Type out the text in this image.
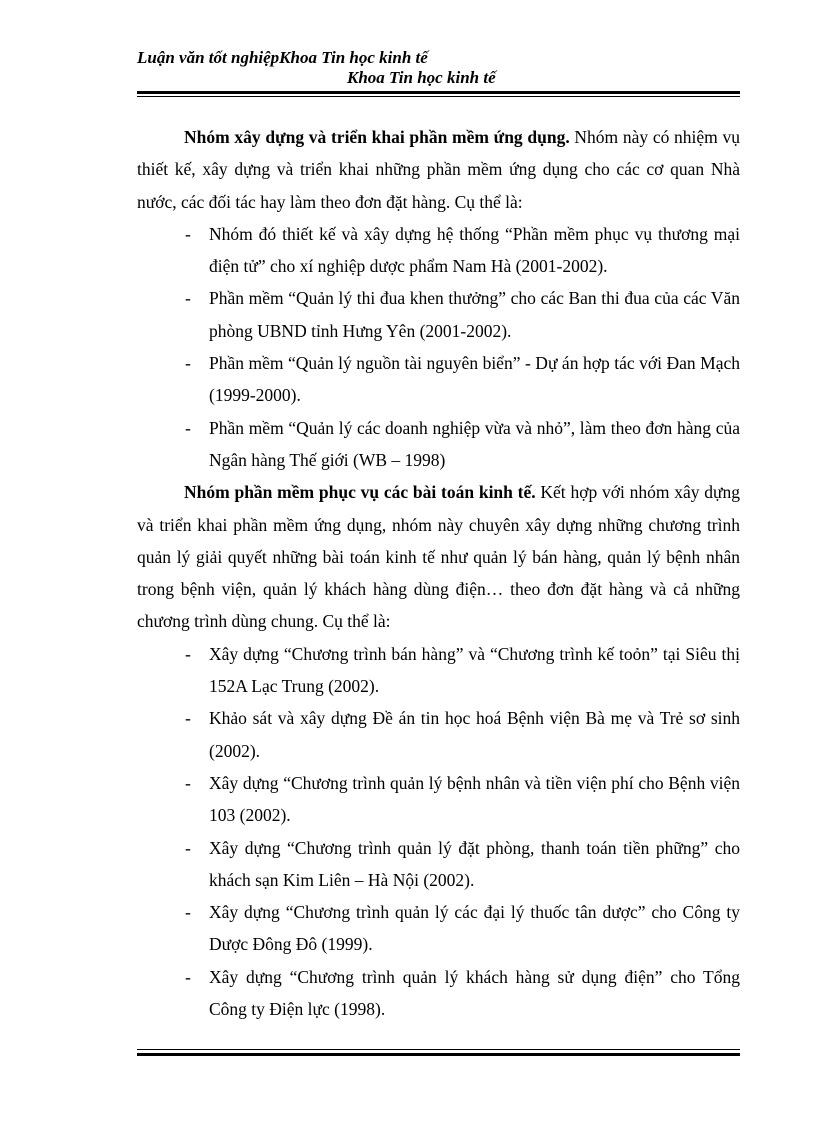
Luận văn tốt nghiệpKhoa Tin học kinh tế
Khoa Tin học kinh tế

Nhóm xây dựng và triển khai phần mềm ứng dụng. Nhóm này có nhiệm vụ thiết kế, xây dựng và triển khai những phần mềm ứng dụng cho các cơ quan Nhà nước, các đối tác hay làm theo đơn đặt hàng. Cụ thể là:

- Nhóm đó thiết kế và xây dựng hệ thống “Phần mềm phục vụ thương mại điện tử” cho xí nghiệp dược phẩm Nam Hà (2001-2002).
- Phần mềm “Quản lý thi đua khen thưởng” cho các Ban thi đua của các Văn phòng UBND tỉnh Hưng Yên (2001-2002).
- Phần mềm “Quản lý nguồn tài nguyên biển” - Dự án hợp tác với Đan Mạch (1999-2000).
- Phần mềm “Quản lý các doanh nghiệp vừa và nhỏ”, làm theo đơn hàng của Ngân hàng Thế giới (WB – 1998)

Nhóm phần mềm phục vụ các bài toán kinh tế. Kết hợp với nhóm xây dựng và triển khai phần mềm ứng dụng, nhóm này chuyên xây dựng những chương trình quản lý giải quyết những bài toán kinh tế như quản lý bán hàng, quản lý bệnh nhân trong bệnh viện, quản lý khách hàng dùng điện… theo đơn đặt hàng và cả những chương trình dùng chung. Cụ thể là:

- Xây dựng “Chương trình bán hàng” và “Chương trình kế toỏn” tại Siêu thị 152A Lạc Trung (2002).
- Khảo sát và xây dựng Đề án tin học hoá Bệnh viện Bà mẹ và Trẻ sơ sinh (2002).
- Xây dựng “Chương trình quản lý bệnh nhân và tiền viện phí cho Bệnh viện 103 (2002).
- Xây dựng “Chương trình quản lý đặt phòng, thanh toán tiền phững” cho khách sạn Kim Liên – Hà Nội (2002).
- Xây dựng “Chương trình quản lý các đại lý thuốc tân dược” cho Công ty Dược Đông Đô (1999).
- Xây dựng “Chương trình quản lý khách hàng sử dụng điện” cho Tổng Công ty Điện lực (1998).
